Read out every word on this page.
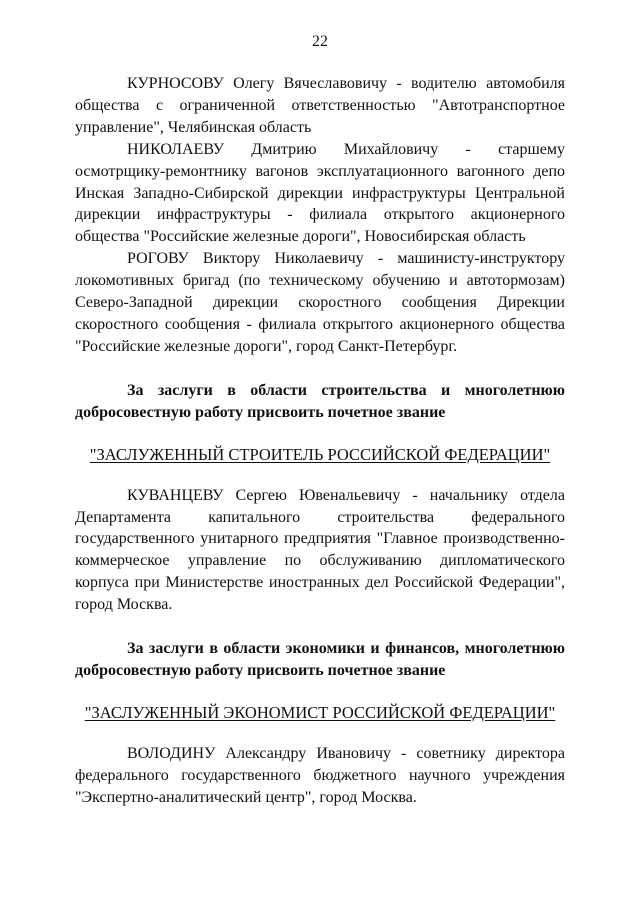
22

КУРНОСОВУ Олегу Вячеславовичу - водителю автомобиля общества с ограниченной ответственностью "Автотранспортное управление", Челябинская область

НИКОЛАЕВУ Дмитрию Михайловичу - старшему осмотрщику-ремонтнику вагонов эксплуатационного вагонного депо Инская Западно-Сибирской дирекции инфраструктуры Центральной дирекции инфраструктуры - филиала открытого акционерного общества "Российские железные дороги", Новосибирская область

РОГОВУ Виктору Николаевичу - машинисту-инструктору локомотивных бригад (по техническому обучению и автотормозам) Северо-Западной дирекции скоростного сообщения Дирекции скоростного сообщения - филиала открытого акционерного общества "Российские железные дороги", город Санкт-Петербург.

За заслуги в области строительства и многолетнюю добросовестную работу присвоить почетное звание

"ЗАСЛУЖЕННЫЙ СТРОИТЕЛЬ РОССИЙСКОЙ ФЕДЕРАЦИИ"

КУВАНЦЕВУ Сергею Ювенальевичу - начальнику отдела Департамента капитального строительства федерального государственного унитарного предприятия "Главное производственно-коммерческое управление по обслуживанию дипломатического корпуса при Министерстве иностранных дел Российской Федерации", город Москва.

За заслуги в области экономики и финансов, многолетнюю добросовестную работу присвоить почетное звание

"ЗАСЛУЖЕННЫЙ ЭКОНОМИСТ РОССИЙСКОЙ ФЕДЕРАЦИИ"

ВОЛОДИНУ Александру Ивановичу - советнику директора федерального государственного бюджетного научного учреждения "Экспертно-аналитический центр", город Москва.
